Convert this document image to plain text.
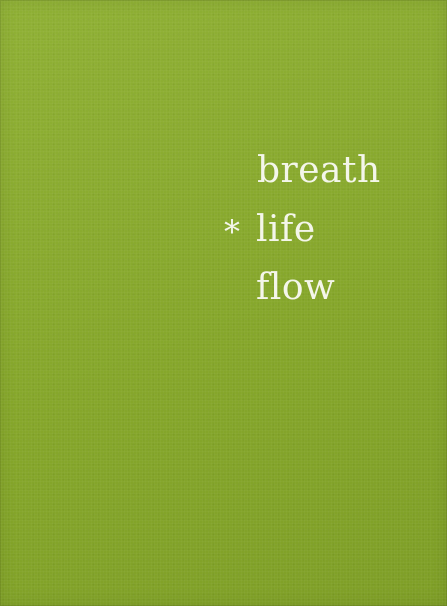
breath

* life

flow
